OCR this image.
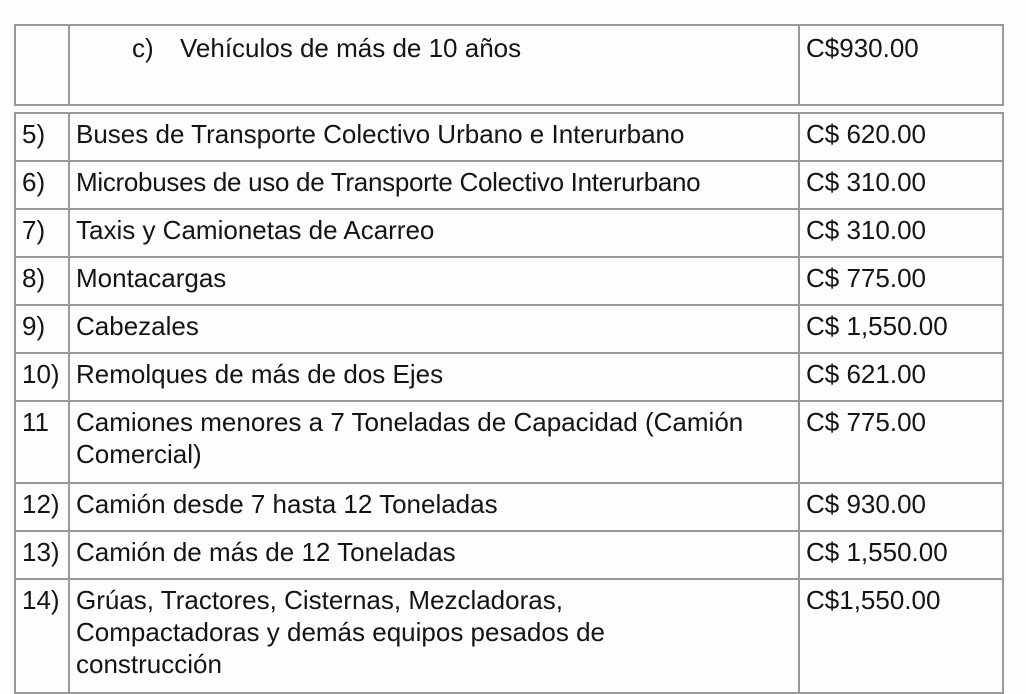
	c) Vehículos de más de 10 años	C$930.00

5)	Buses de Transporte Colectivo Urbano e Interurbano	C$ 620.00
6)	Microbuses de uso de Transporte Colectivo Interurbano	C$ 310.00
7)	Taxis y Camionetas de Acarreo	C$ 310.00
8)	Montacargas	C$ 775.00
9)	Cabezales	C$ 1,550.00
10)	Remolques de más de dos Ejes	C$ 621.00
11	Camiones menores a 7 Toneladas de Capacidad (Camión Comercial)	C$ 775.00
12)	Camión desde 7 hasta 12 Toneladas	C$ 930.00
13)	Camión de más de 12 Toneladas	C$ 1,550.00
14)	Grúas, Tractores, Cisternas, Mezcladoras, Compactadoras y demás equipos pesados de construcción	C$1,550.00
